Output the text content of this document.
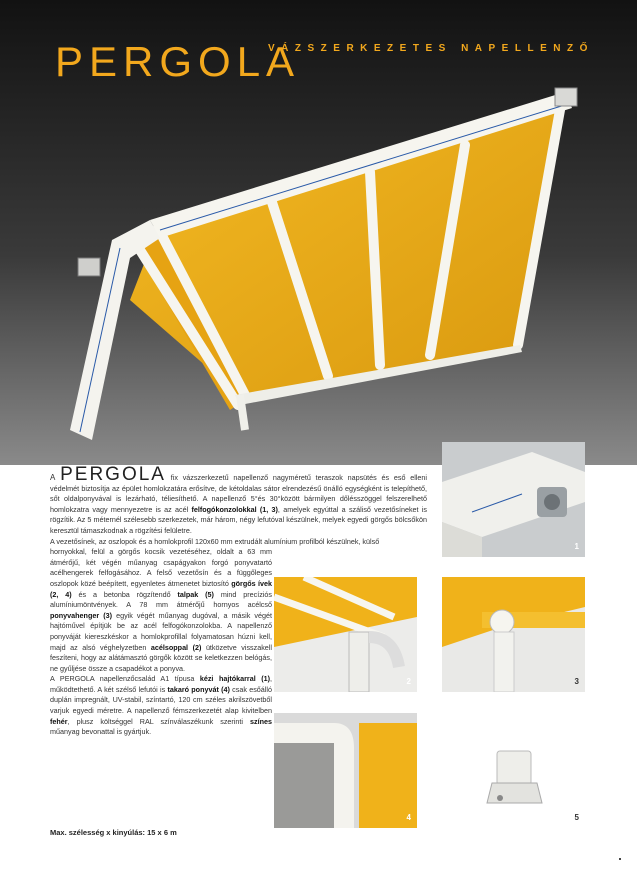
PERGOLA
VÁZSZERKEZETES NAPELLENZŐ

A PERGOLA fix vázszerkezetű napellenző nagyméretű teraszok napsütés és eső elleni védelmét biztosítja az épület homlokzatára erősítve, de kétoldalas sátor elrendezésű önálló egységként is telepíthető, sőt oldalponyvával is lezárható, téliesíthető. A napellenző 5°és 30°között bármilyen dőlésszöggel felszerelhető homlokzatra vagy mennyezetre is az acél felfogókonzolokkal (1, 3), amelyek egyúttal a száliső vezetősíneket is rögzítik. Az 5 méternél szélesebb szerkezetek, már három, négy lefutóval készülnek, melyek egyedi görgős bölcsőkön keresztül támaszkodnak a rögzítési felületre.

A vezetősínek, az oszlopok és a homlokprofil 120x60 mm extrudált alumínium profilból készülnek, külső

hornyokkal, felül a görgős kocsik vezetéséhez, oldalt a 63 mm átmérőjű, két végén műanyag csapágyakon forgó ponyvatartó acélhengerek felfogásához. A felső vezetősín és a függőleges oszlopok közé beépített, egyenletes átmenetet biztosító görgős ívek (2, 4) és a betonba rögzítendő talpak (5) mind precíziós alumíniumöntvények. A 78 mm átmérőjű hornyos acélcső ponyvahenger (3) egyik végét műanyag dugóval, a másik végét hajtóművel építjük be az acél felfogókonzolokba. A napellenző ponyváját kiereszkéskor a homlokprofillal folyamatosan húzni kell, majd az alsó véghelyzetben acélsoppal (2) ütközetve visszakell feszíteni, hogy az alátámasztó görgők között se keletkezzen belógás, ne gyűljése össze a csapadékot a ponyva.

A PERGOLA napellenzőcsalád A1 típusa kézi hajtókarral (1), működtethető. A két szélső lefutói is takaró ponyvát (4) csak esőálló duplán impregnált, UV-stabil, színtartó, 120 cm széles akrilszövetből varjuk egyedi méretre. A napellenző fémszerkezetét alap kivitelben fehér, plusz költséggel RAL színválaszékunk szerinti színes műanyag bevonattal is gyártjuk.

Max. szélesség x kinyúlás: 15 x 6 m
1
2	3
4	5
